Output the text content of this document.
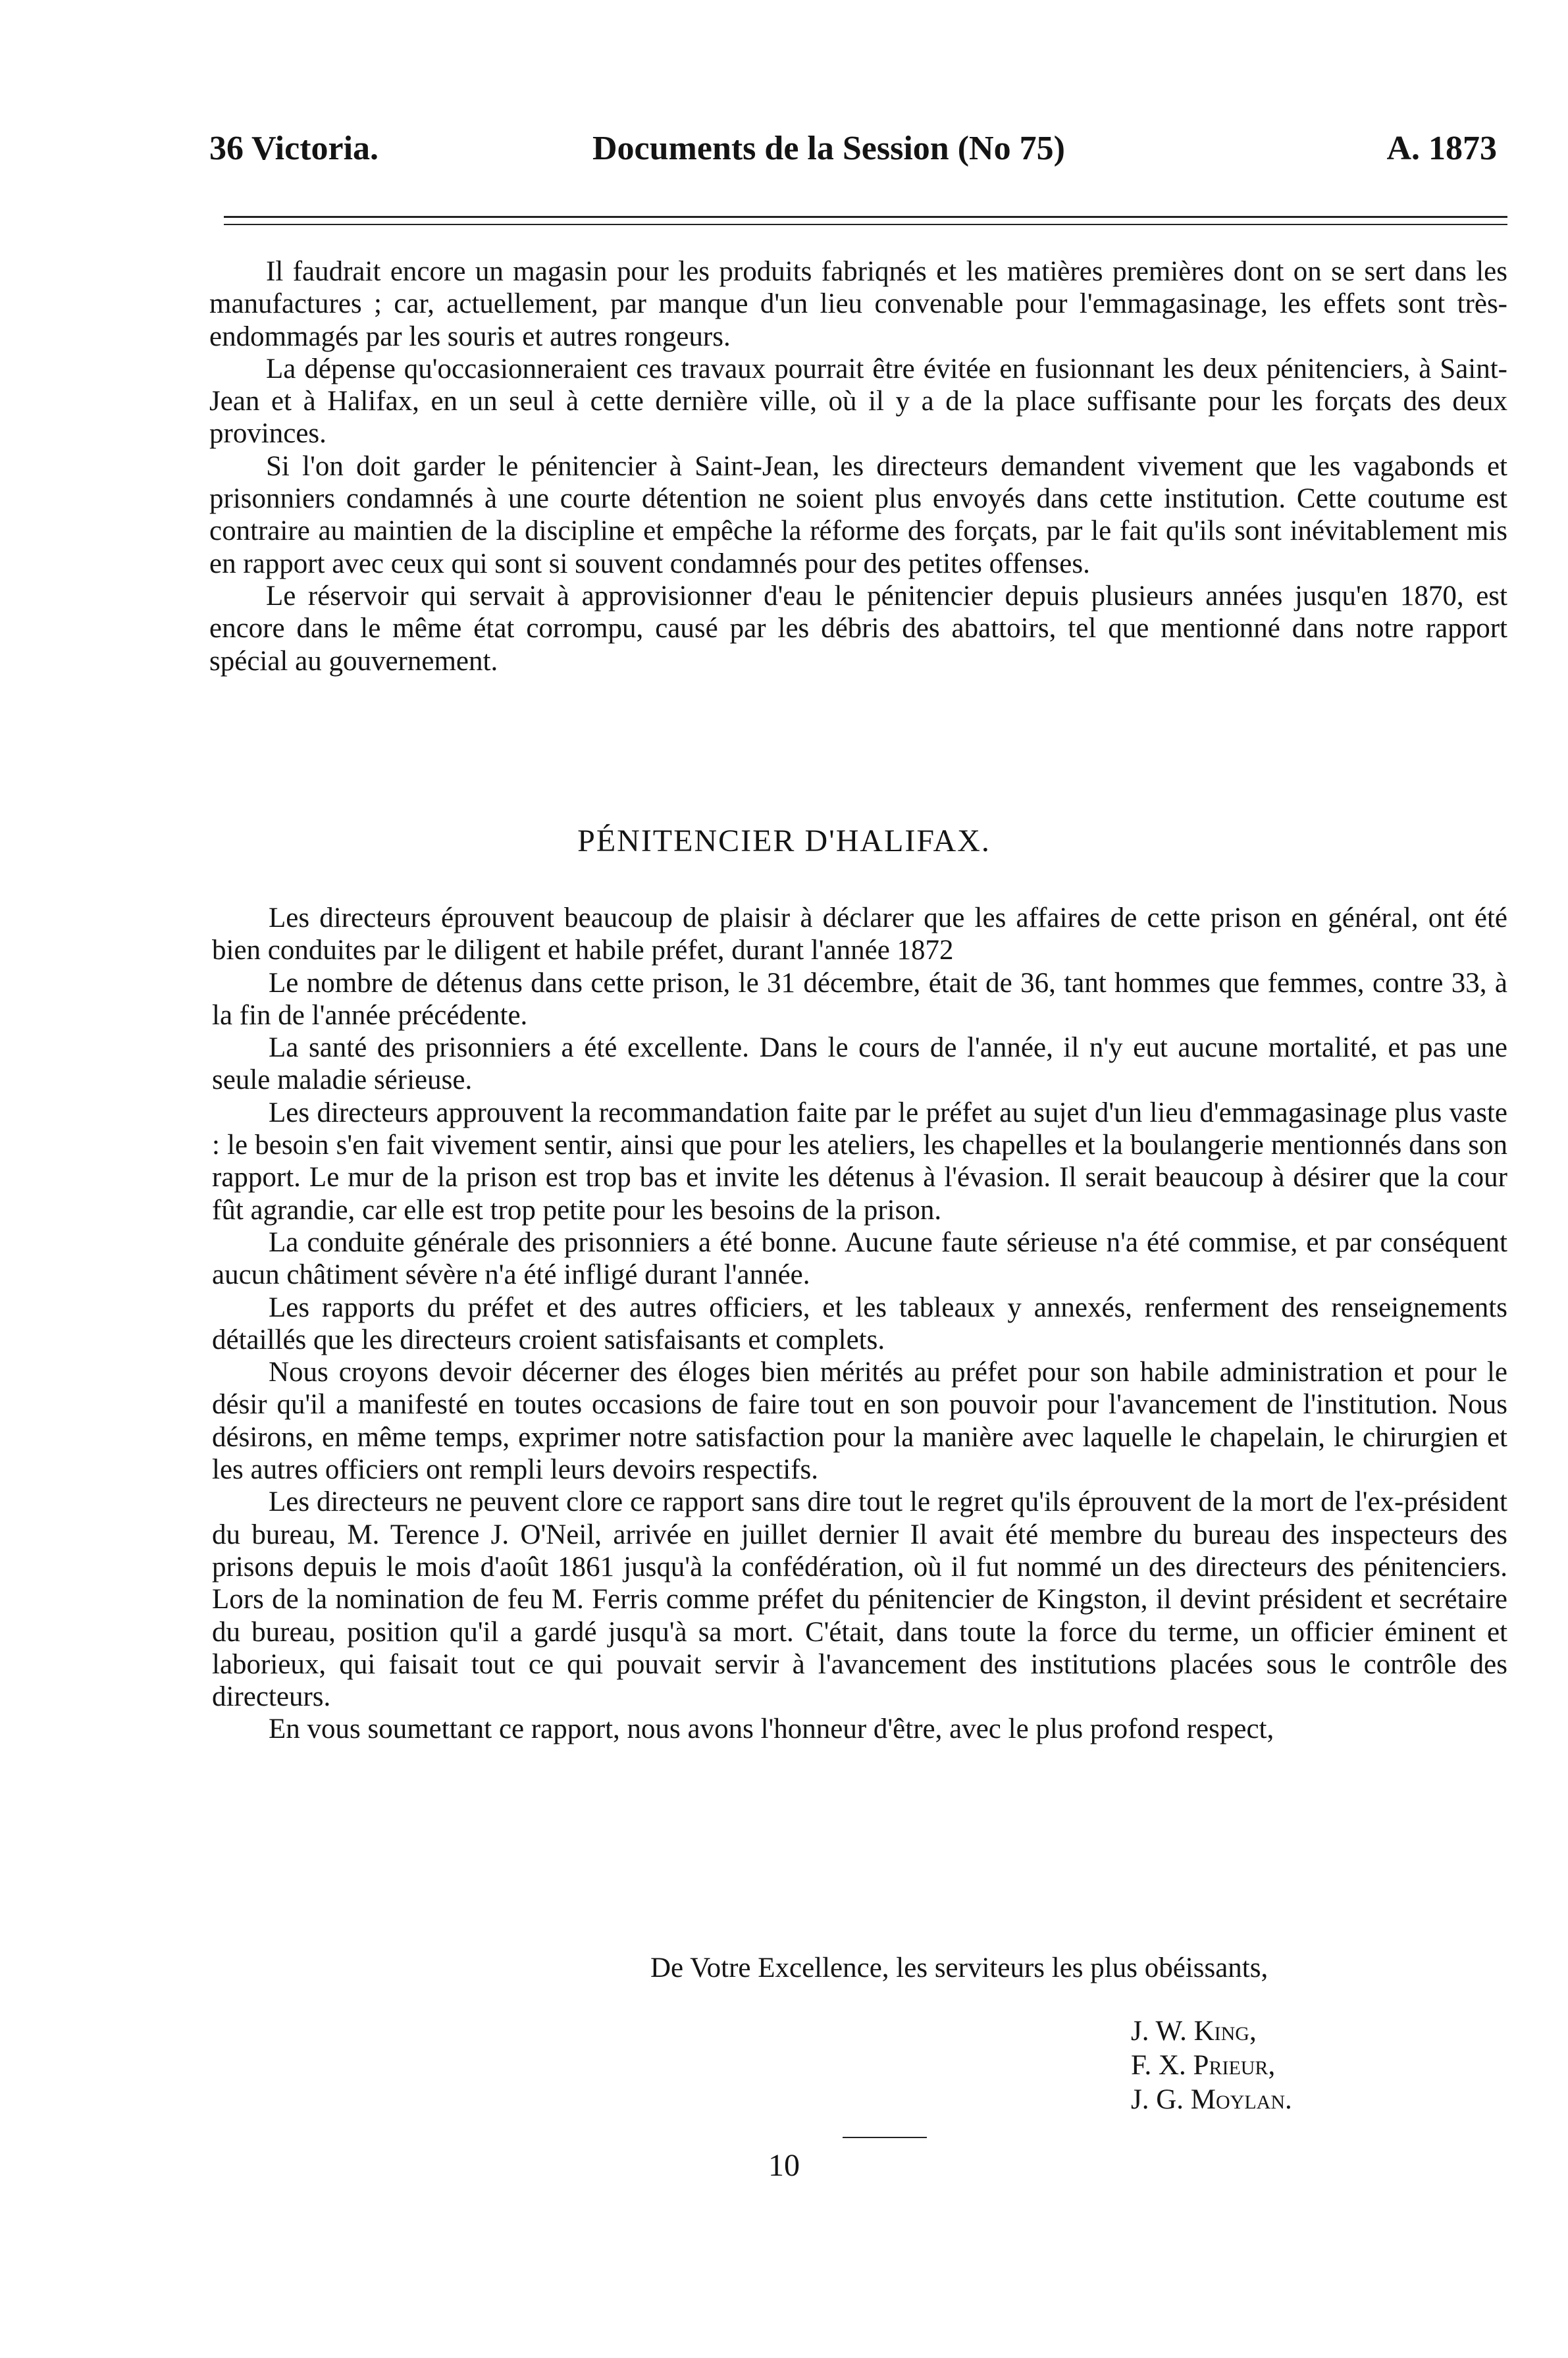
36 Victoria.	Documents de la Session (No 75)	A. 1873

Il faudrait encore un magasin pour les produits fabriqnés et les matières premières dont on se sert dans les manufactures ; car, actuellement, par manque d'un lieu convenable pour l'emmagasinage, les effets sont très-endommagés par les souris et autres rongeurs.

La dépense qu'occasionneraient ces travaux pourrait être évitée en fusionnant les deux pénitenciers, à Saint-Jean et à Halifax, en un seul à cette dernière ville, où il y a de la place suffisante pour les forçats des deux provinces.

Si l'on doit garder le pénitencier à Saint-Jean, les directeurs demandent vivement que les vagabonds et prisonniers condamnés à une courte détention ne soient plus envoyés dans cette institution. Cette coutume est contraire au maintien de la discipline et empêche la réforme des forçats, par le fait qu'ils sont inévitablement mis en rapport avec ceux qui sont si souvent condamnés pour des petites offenses.

Le réservoir qui servait à approvisionner d'eau le pénitencier depuis plusieurs années jusqu'en 1870, est encore dans le même état corrompu, causé par les débris des abattoirs, tel que mentionné dans notre rapport spécial au gouvernement.

PÉNITENCIER D'HALIFAX.

Les directeurs éprouvent beaucoup de plaisir à déclarer que les affaires de cette prison en général, ont été bien conduites par le diligent et habile préfet, durant l'année 1872

Le nombre de détenus dans cette prison, le 31 décembre, était de 36, tant hommes que femmes, contre 33, à la fin de l'année précédente.

La santé des prisonniers a été excellente. Dans le cours de l'année, il n'y eut aucune mortalité, et pas une seule maladie sérieuse.

Les directeurs approuvent la recommandation faite par le préfet au sujet d'un lieu d'emmagasinage plus vaste : le besoin s'en fait vivement sentir, ainsi que pour les ateliers, les chapelles et la boulangerie mentionnés dans son rapport. Le mur de la prison est trop bas et invite les détenus à l'évasion. Il serait beaucoup à désirer que la cour fût agrandie, car elle est trop petite pour les besoins de la prison.

La conduite générale des prisonniers a été bonne. Aucune faute sérieuse n'a été commise, et par conséquent aucun châtiment sévère n'a été infligé durant l'année.

Les rapports du préfet et des autres officiers, et les tableaux y annexés, renferment des renseignements détaillés que les directeurs croient satisfaisants et complets.

Nous croyons devoir décerner des éloges bien mérités au préfet pour son habile administration et pour le désir qu'il a manifesté en toutes occasions de faire tout en son pouvoir pour l'avancement de l'institution. Nous désirons, en même temps, exprimer notre satisfaction pour la manière avec laquelle le chapelain, le chirurgien et les autres officiers ont rempli leurs devoirs respectifs.

Les directeurs ne peuvent clore ce rapport sans dire tout le regret qu'ils éprouvent de la mort de l'ex-président du bureau, M. Terence J. O'Neil, arrivée en juillet dernier Il avait été membre du bureau des inspecteurs des prisons depuis le mois d'août 1861 jusqu'à la confédération, où il fut nommé un des directeurs des pénitenciers. Lors de la nomination de feu M. Ferris comme préfet du pénitencier de Kingston, il devint président et secrétaire du bureau, position qu'il a gardé jusqu'à sa mort. C'était, dans toute la force du terme, un officier éminent et laborieux, qui faisait tout ce qui pouvait servir à l'avancement des institutions placées sous le contrôle des directeurs.

En vous soumettant ce rapport, nous avons l'honneur d'être, avec le plus profond respect,

De Votre Excellence, les serviteurs les plus obéissants,
J. W. King,
F. X. Prieur,
J. G. Moylan.
10
